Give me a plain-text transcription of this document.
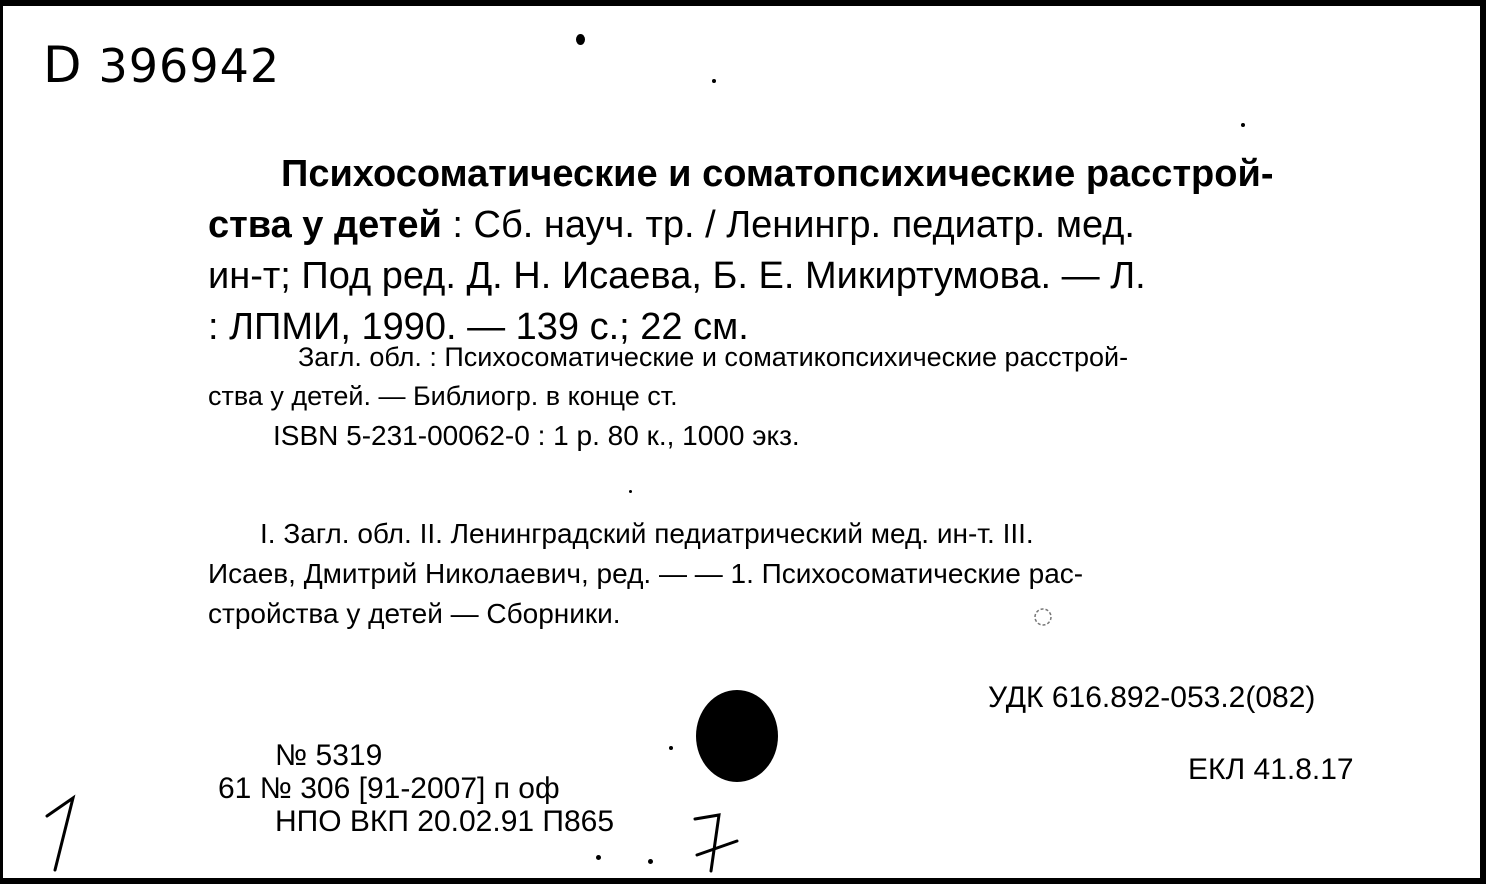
D 396942
Психосоматические и соматопсихические расстрой-
ства у детей : Сб. науч. тр. / Ленингр. педиатр. мед.
ин-т; Под ред. Д. Н. Исаева, Б. Е. Микиртумова. — Л.
: ЛПМИ, 1990. — 139 с.; 22 см.
Загл. обл. : Психосоматические и соматикопсихические расстрой-
ства у детей. — Библиогр. в конце ст.

ISBN 5-231-00062-0 : 1 р. 80 к., 1000 экз.
I. Загл. обл. II. Ленинградский педиатрический мед. ин-т. III.
Исаев, Дмитрий Николаевич, ред. — — 1. Психосоматические рас-
стройства у детей — Сборники.
УДК 616.892-053.2(082)
ЕКЛ 41.8.17
№ 5319
61 № 306 [91-2007] п оф

НПО ВКП 20.02.91 П865
